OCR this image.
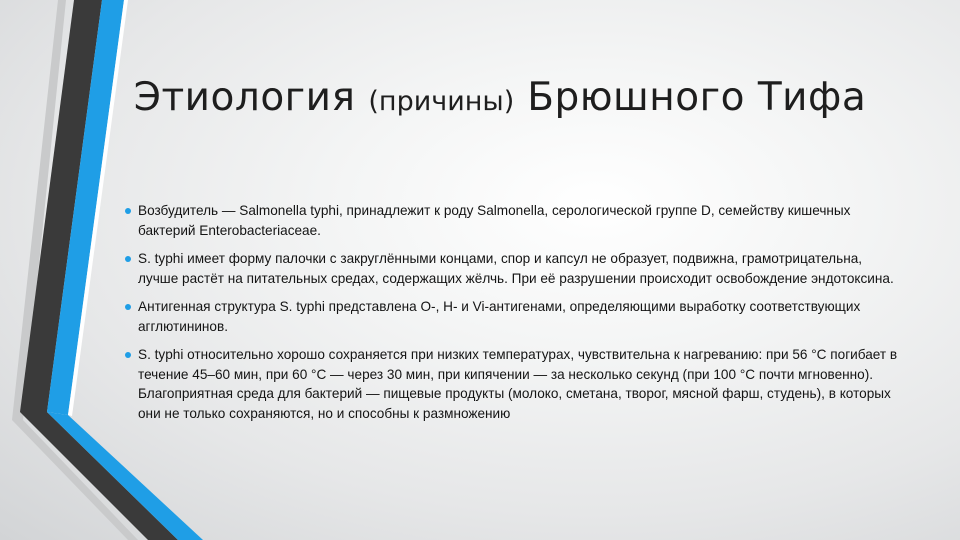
Этиология (причины) Брюшного Тифа
Возбудитель — Salmonella typhi, принадлежит к роду Salmonella, серологической группе D, семейству кишечных бактерий Enterobacteriaceae.
S. typhi имеет форму палочки с закруглёнными концами, спор и капсул не образует, подвижна, грамотрицательна, лучше растёт на питательных средах, содержащих жёлчь. При её разрушении происходит освобождение эндотоксина.
Антигенная структура S. typhi представлена O-, H- и Vi-антигенами, определяющими выработку соответствующих агглютининов.
S. typhi относительно хорошо сохраняется при низких температурах, чувствительна к нагреванию: при 56 °C погибает в течение 45–60 мин, при 60 °C — через 30 мин, при кипячении — за несколько секунд (при 100 °C почти мгновенно). Благоприятная среда для бактерий — пищевые продукты (молоко, сметана, творог, мясной фарш, студень), в которых они не только сохраняются, но и способны к размножению
